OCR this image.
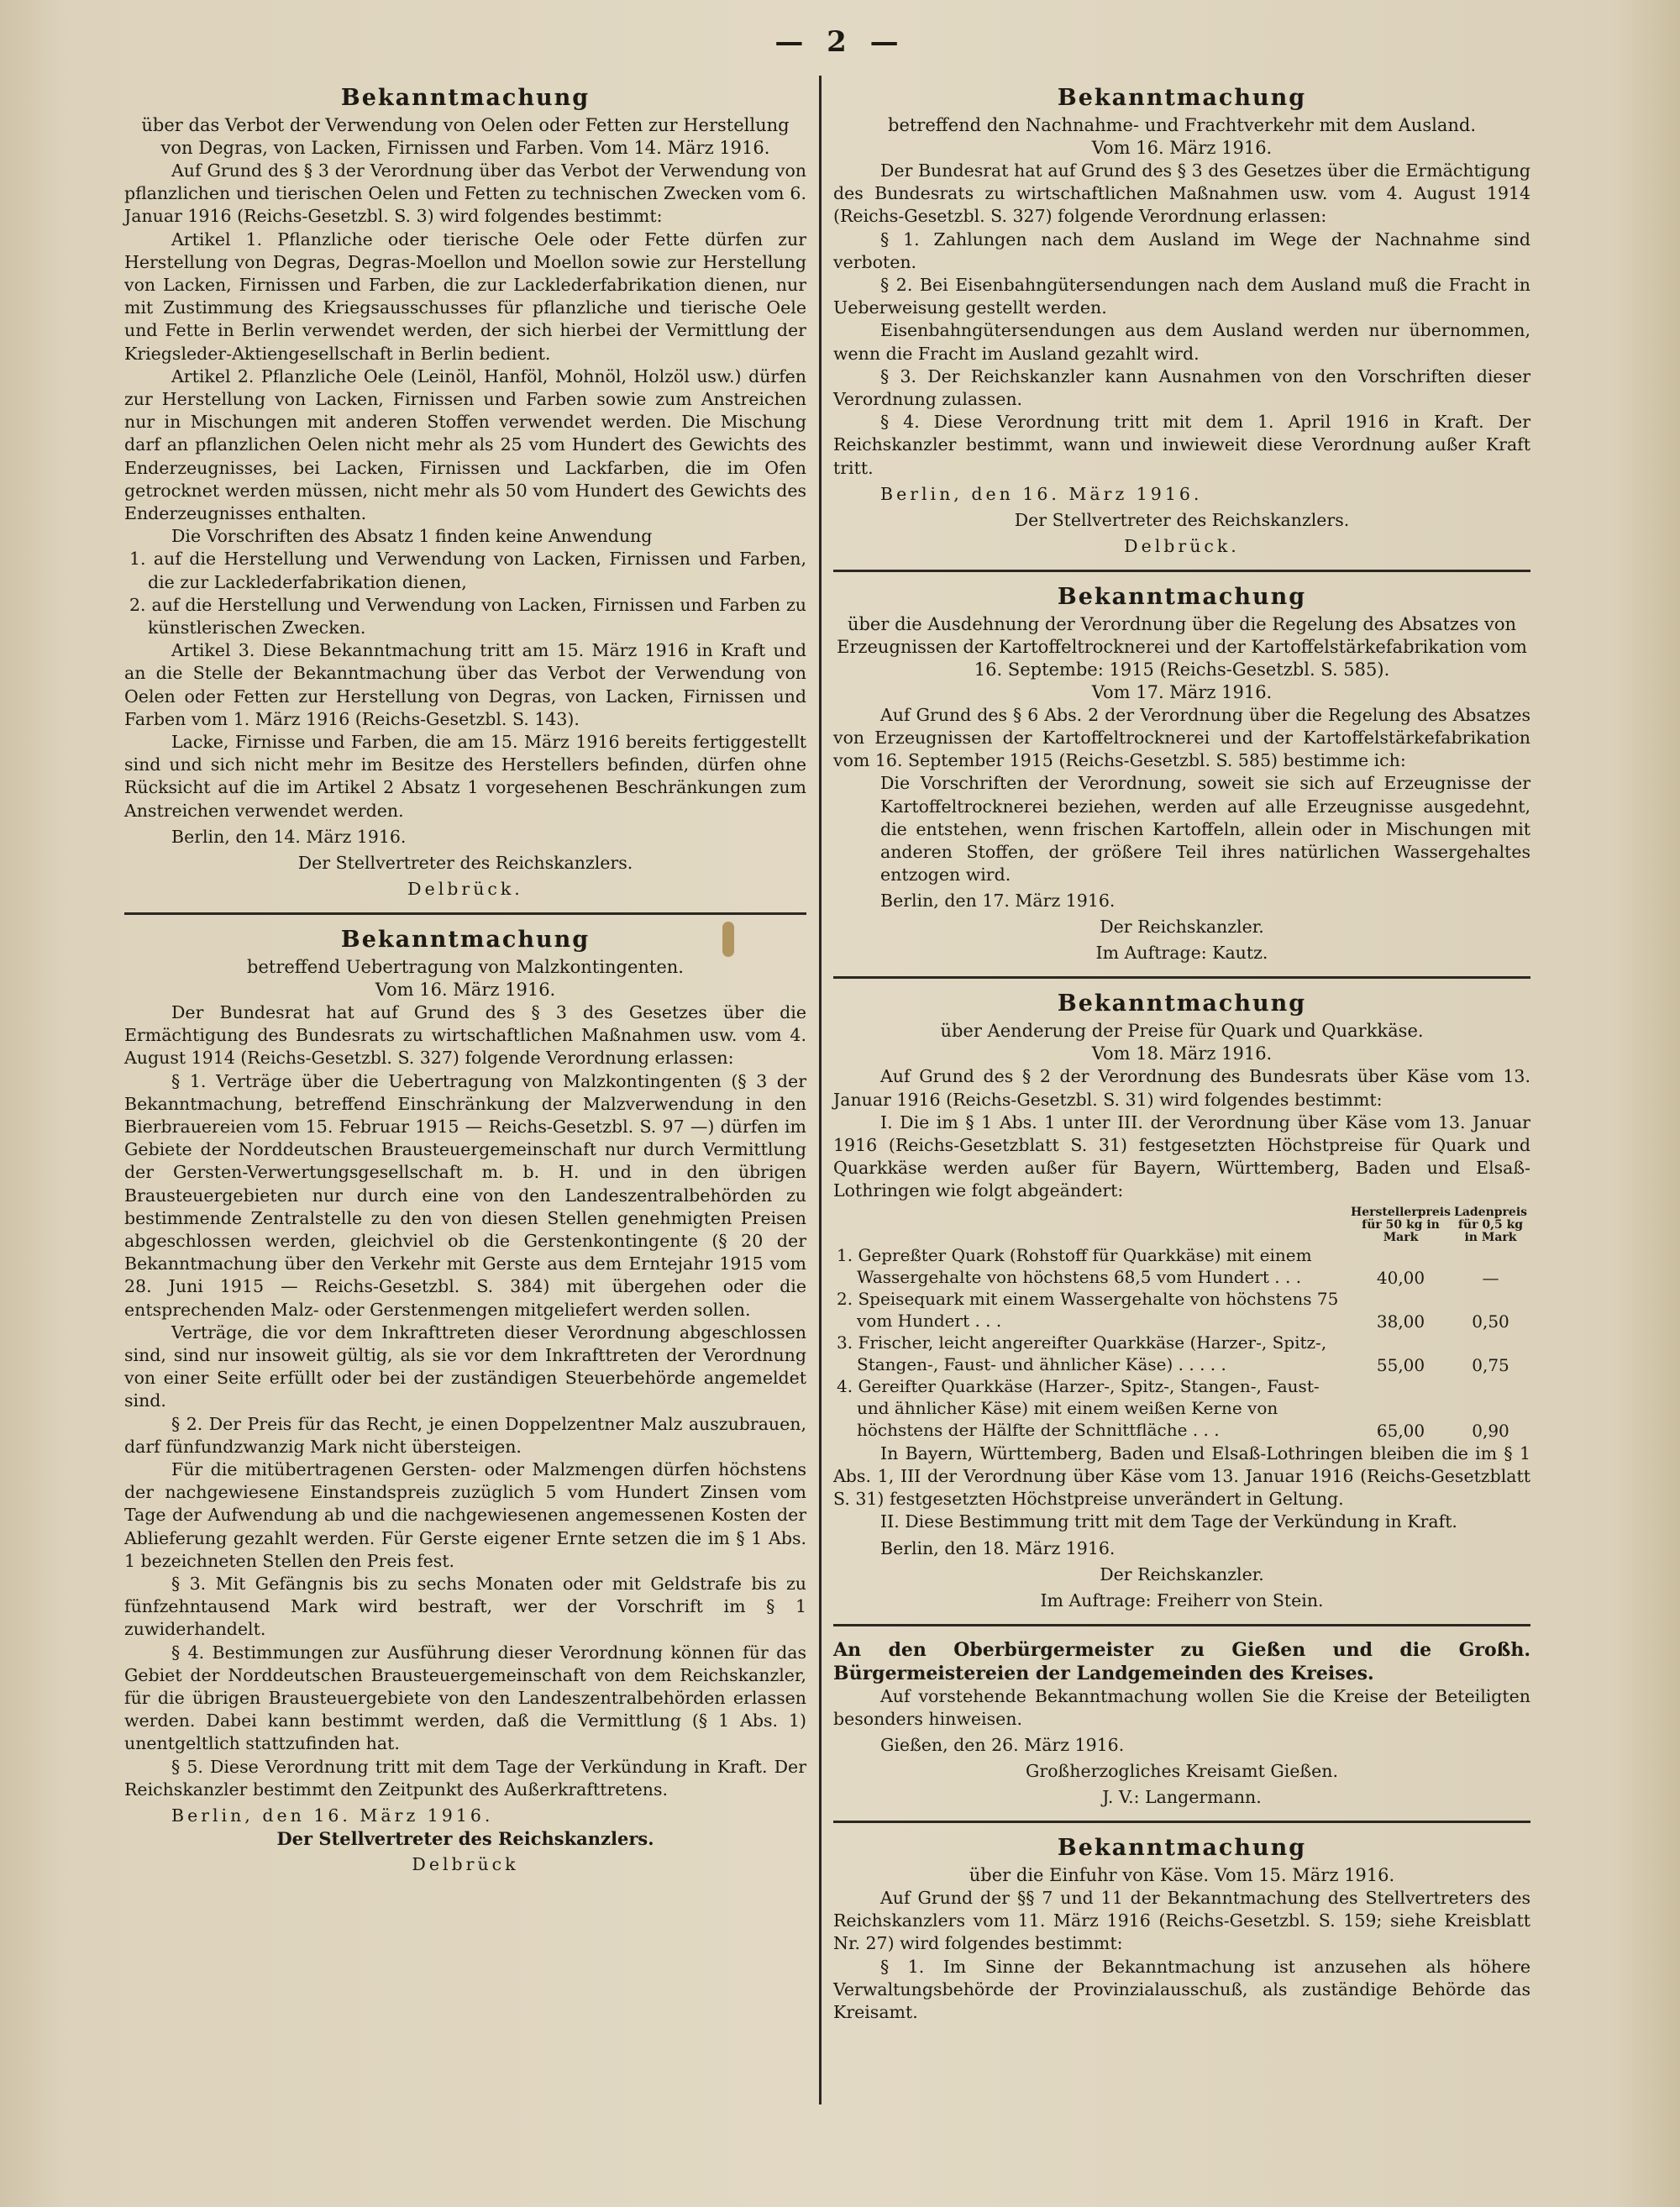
— 2 —
Bekanntmachung

über das Verbot der Verwendung von Oelen oder Fetten zur Herstellung von Degras, von Lacken, Firnissen und Farben. Vom 14. März 1916.

Auf Grund des § 3 der Verordnung über das Verbot der Verwendung von pflanzlichen und tierischen Oelen und Fetten zu technischen Zwecken vom 6. Januar 1916 (Reichs-Gesetzbl. S. 3) wird folgendes bestimmt:

Artikel 1. Pflanzliche oder tierische Oele oder Fette dürfen zur Herstellung von Degras, Degras-Moellon und Moellon sowie zur Herstellung von Lacken, Firnissen und Farben, die zur Lacklederfabrikation dienen, nur mit Zustimmung des Kriegsausschusses für pflanzliche und tierische Oele und Fette in Berlin verwendet werden, der sich hierbei der Vermittlung der Kriegsleder-Aktiengesellschaft in Berlin bedient.

Artikel 2. Pflanzliche Oele (Leinöl, Hanföl, Mohnöl, Holzöl usw.) dürfen zur Herstellung von Lacken, Firnissen und Farben sowie zum Anstreichen nur in Mischungen mit anderen Stoffen verwendet werden. Die Mischung darf an pflanzlichen Oelen nicht mehr als 25 vom Hundert des Gewichts des Enderzeugnisses, bei Lacken, Firnissen und Lackfarben, die im Ofen getrocknet werden müssen, nicht mehr als 50 vom Hundert des Gewichts des Enderzeugnisses enthalten.

Die Vorschriften des Absatz 1 finden keine Anwendung

1. auf die Herstellung und Verwendung von Lacken, Firnissen und Farben, die zur Lacklederfabrikation dienen,

2. auf die Herstellung und Verwendung von Lacken, Firnissen und Farben zu künstlerischen Zwecken.

Artikel 3. Diese Bekanntmachung tritt am 15. März 1916 in Kraft und an die Stelle der Bekanntmachung über das Verbot der Verwendung von Oelen oder Fetten zur Herstellung von Degras, von Lacken, Firnissen und Farben vom 1. März 1916 (Reichs-Gesetzbl. S. 143).

Lacke, Firnisse und Farben, die am 15. März 1916 bereits fertiggestellt sind und sich nicht mehr im Besitze des Herstellers befinden, dürfen ohne Rücksicht auf die im Artikel 2 Absatz 1 vorgesehenen Beschränkungen zum Anstreichen verwendet werden.

Berlin, den 14. März 1916.
Der Stellvertreter des Reichskanzlers.
Delbrück.
Bekanntmachung

betreffend Uebertragung von Malzkontingenten.

Vom 16. März 1916.

Der Bundesrat hat auf Grund des § 3 des Gesetzes über die Ermächtigung des Bundesrats zu wirtschaftlichen Maßnahmen usw. vom 4. August 1914 (Reichs-Gesetzbl. S. 327) folgende Verordnung erlassen:

§ 1. Verträge über die Uebertragung von Malzkontingenten (§ 3 der Bekanntmachung, betreffend Einschränkung der Malzverwendung in den Bierbrauereien vom 15. Februar 1915 — Reichs-Gesetzbl. S. 97 —) dürfen im Gebiete der Norddeutschen Brausteuergemeinschaft nur durch Vermittlung der Gersten-Verwertungsgesellschaft m. b. H. und in den übrigen Brausteuergebieten nur durch eine von den Landeszentralbehörden zu bestimmende Zentralstelle zu den von diesen Stellen genehmigten Preisen abgeschlossen werden, gleichviel ob die Gerstenkontingente (§ 20 der Bekanntmachung über den Verkehr mit Gerste aus dem Erntejahr 1915 vom 28. Juni 1915 — Reichs-Gesetzbl. S. 384) mit übergehen oder die entsprechenden Malz- oder Gerstenmengen mitgeliefert werden sollen.

Verträge, die vor dem Inkrafttreten dieser Verordnung abgeschlossen sind, sind nur insoweit gültig, als sie vor dem Inkrafttreten der Verordnung von einer Seite erfüllt oder bei der zuständigen Steuerbehörde angemeldet sind.

§ 2. Der Preis für das Recht, je einen Doppelzentner Malz auszubrauen, darf fünfundzwanzig Mark nicht übersteigen.

Für die mitübertragenen Gersten- oder Malzmengen dürfen höchstens der nachgewiesene Einstandspreis zuzüglich 5 vom Hundert Zinsen vom Tage der Aufwendung ab und die nachgewiesenen angemessenen Kosten der Ablieferung gezahlt werden. Für Gerste eigener Ernte setzen die im § 1 Abs. 1 bezeichneten Stellen den Preis fest.

§ 3. Mit Gefängnis bis zu sechs Monaten oder mit Geldstrafe bis zu fünfzehntausend Mark wird bestraft, wer der Vorschrift im § 1 zuwiderhandelt.

§ 4. Bestimmungen zur Ausführung dieser Verordnung können für das Gebiet der Norddeutschen Brausteuergemeinschaft von dem Reichskanzler, für die übrigen Brausteuergebiete von den Landeszentralbehörden erlassen werden. Dabei kann bestimmt werden, daß die Vermittlung (§ 1 Abs. 1) unentgeltlich stattzufinden hat.

§ 5. Diese Verordnung tritt mit dem Tage der Verkündung in Kraft. Der Reichskanzler bestimmt den Zeitpunkt des Außerkrafttretens.

Berlin, den 16. März 1916.
Der Stellvertreter des Reichskanzlers.
Delbrück
Bekanntmachung

betreffend den Nachnahme- und Frachtverkehr mit dem Ausland.

Vom 16. März 1916.

Der Bundesrat hat auf Grund des § 3 des Gesetzes über die Ermächtigung des Bundesrats zu wirtschaftlichen Maßnahmen usw. vom 4. August 1914 (Reichs-Gesetzbl. S. 327) folgende Verordnung erlassen:

§ 1. Zahlungen nach dem Ausland im Wege der Nachnahme sind verboten.

§ 2. Bei Eisenbahngütersendungen nach dem Ausland muß die Fracht in Ueberweisung gestellt werden.

Eisenbahngütersendungen aus dem Ausland werden nur übernommen, wenn die Fracht im Ausland gezahlt wird.

§ 3. Der Reichskanzler kann Ausnahmen von den Vorschriften dieser Verordnung zulassen.

§ 4. Diese Verordnung tritt mit dem 1. April 1916 in Kraft. Der Reichskanzler bestimmt, wann und inwieweit diese Verordnung außer Kraft tritt.

Berlin, den 16. März 1916.
Der Stellvertreter des Reichskanzlers.
Delbrück.
Bekanntmachung

über die Ausdehnung der Verordnung über die Regelung des Absatzes von Erzeugnissen der Kartoffeltrocknerei und der Kartoffelstärkefabrikation vom 16. Septembe: 1915 (Reichs-Gesetzbl. S. 585).

Vom 17. März 1916.

Auf Grund des § 6 Abs. 2 der Verordnung über die Regelung des Absatzes von Erzeugnissen der Kartoffeltrocknerei und der Kartoffelstärkefabrikation vom 16. September 1915 (Reichs-Gesetzbl. S. 585) bestimme ich:

Die Vorschriften der Verordnung, soweit sie sich auf Erzeugnisse der Kartoffeltrocknerei beziehen, werden auf alle Erzeugnisse ausgedehnt, die entstehen, wenn frischen Kartoffeln, allein oder in Mischungen mit anderen Stoffen, der größere Teil ihres natürlichen Wassergehaltes entzogen wird.

Berlin, den 17. März 1916.
Der Reichskanzler.
Im Auftrage: Kautz.
Bekanntmachung

über Aenderung der Preise für Quark und Quarkkäse.

Vom 18. März 1916.

Auf Grund des § 2 der Verordnung des Bundesrats über Käse vom 13. Januar 1916 (Reichs-Gesetzbl. S. 31) wird folgendes bestimmt:

I. Die im § 1 Abs. 1 unter III. der Verordnung über Käse vom 13. Januar 1916 (Reichs-Gesetzblatt S. 31) festgesetzten Höchstpreise für Quark und Quarkkäse werden außer für Bayern, Württemberg, Baden und Elsaß-Lothringen wie folgt abgeändert:

	Herstellerpreis für 50 kg in Mark	Ladenpreis für 0,5 kg in Mark
1. Gepreßter Quark (Rohstoff für Quarkkäse) mit einem Wassergehalte von höchstens 68,5 vom Hundert . . .	40,00	—
2. Speisequark mit einem Wassergehalte von höchstens 75 vom Hundert . . .	38,00	0,50
3. Frischer, leicht angereifter Quarkkäse (Harzer-, Spitz-, Stangen-, Faust- und ähnlicher Käse) . . . . .	55,00	0,75
4. Gereifter Quarkkäse (Harzer-, Spitz-, Stangen-, Faust- und ähnlicher Käse) mit einem weißen Kerne von höchstens der Hälfte der Schnittfläche . . .	65,00	0,90

In Bayern, Württemberg, Baden und Elsaß-Lothringen bleiben die im § 1 Abs. 1, III der Verordnung über Käse vom 13. Januar 1916 (Reichs-Gesetzblatt S. 31) festgesetzten Höchstpreise unverändert in Geltung.

II. Diese Bestimmung tritt mit dem Tage der Verkündung in Kraft.

Berlin, den 18. März 1916.
Der Reichskanzler.
Im Auftrage: Freiherr von Stein.

An den Oberbürgermeister zu Gießen und die Großh. Bürgermeistereien der Landgemeinden des Kreises.

Auf vorstehende Bekanntmachung wollen Sie die Kreise der Beteiligten besonders hinweisen.

Gießen, den 26. März 1916.
Großherzogliches Kreisamt Gießen.
J. V.: Langermann.
Bekanntmachung

über die Einfuhr von Käse. Vom 15. März 1916.

Auf Grund der §§ 7 und 11 der Bekanntmachung des Stellvertreters des Reichskanzlers vom 11. März 1916 (Reichs-Gesetzbl. S. 159; siehe Kreisblatt Nr. 27) wird folgendes bestimmt:

§ 1. Im Sinne der Bekanntmachung ist anzusehen als höhere Verwaltungsbehörde der Provinzialausschuß, als zuständige Behörde das Kreisamt.
